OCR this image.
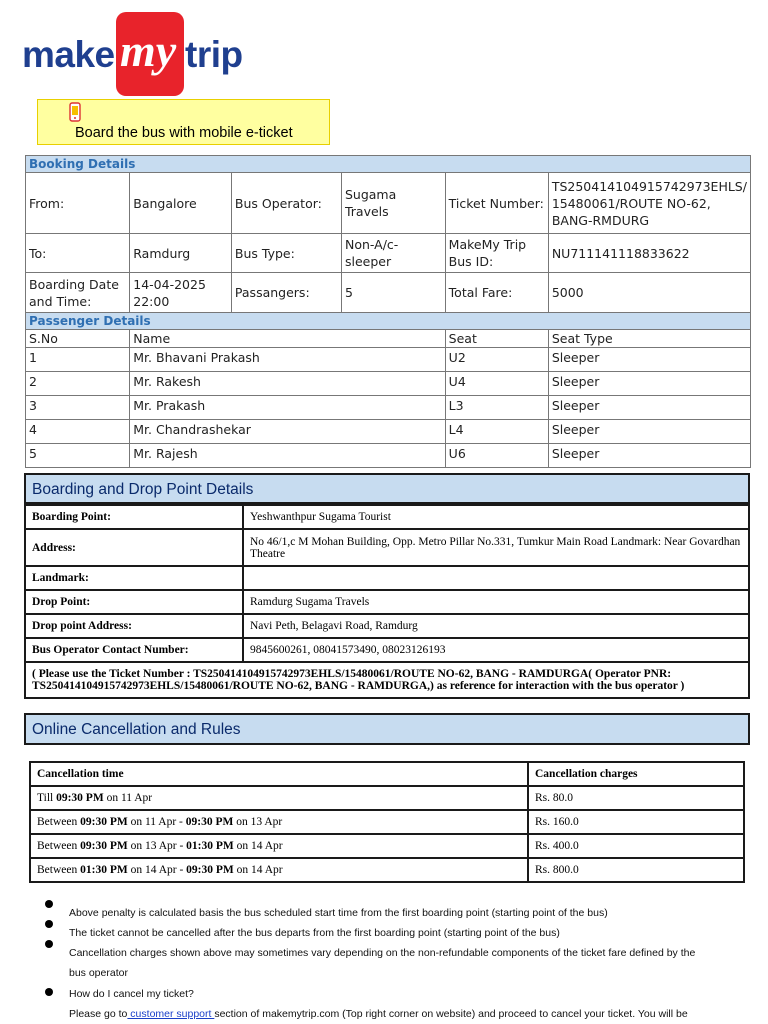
make my trip
Board the bus with mobile e-ticket
Booking Details					
From:	Bangalore	Bus Operator:	Sugama Travels	Ticket Number:	TS250414104915742973EHLS/ 15480061/ROUTE NO-62, BANG-RMDURG
To:	Ramdurg	Bus Type:	Non-A/c-sleeper	MakeMy Trip Bus ID:	NU711141118833622
Boarding Date and Time:	14-04-2025 22:00	Passangers:	5	Total Fare:	5000
Passenger Details					
S.No	Name			Seat	Seat Type
1	Mr. Bhavani Prakash			U2	Sleeper
2	Mr. Rakesh			U4	Sleeper
3	Mr. Prakash			L3	Sleeper
4	Mr. Chandrashekar			L4	Sleeper
5	Mr. Rajesh			U6	Sleeper
Boarding and Drop Point Details
Boarding Point:	Yeshwanthpur Sugama Tourist
Address:	No 46/1,c M Mohan Building, Opp. Metro Pillar No.331, Tumkur Main Road Landmark: Near Govardhan Theatre
Landmark:	
Drop Point:	Ramdurg Sugama Travels
Drop point Address:	Navi Peth, Belagavi Road, Ramdurg
Bus Operator Contact Number:	9845600261, 08041573490, 08023126193
( Please use the Ticket Number : TS250414104915742973EHLS/15480061/ROUTE NO-62, BANG - RAMDURGA( Operator PNR: TS250414104915742973EHLS/15480061/ROUTE NO-62, BANG - RAMDURGA,) as reference for interaction with the bus operator )	
Online Cancellation and Rules
Cancellation time	Cancellation charges
Till 09:30 PM on 11 Apr	Rs. 80.0
Between 09:30 PM on 11 Apr - 09:30 PM on 13 Apr	Rs. 160.0
Between 09:30 PM on 13 Apr - 01:30 PM on 14 Apr	Rs. 400.0
Between 01:30 PM on 14 Apr - 09:30 PM on 14 Apr	Rs. 800.0
Above penalty is calculated basis the bus scheduled start time from the first boarding point (starting point of the bus)
The ticket cannot be cancelled after the bus departs from the first boarding point (starting point of the bus)
Cancellation charges shown above may sometimes vary depending on the non-refundable components of the ticket fare defined by the
bus operator
How do I cancel my ticket?
Please go to customer support section of makemytrip.com (Top right corner on website) and proceed to cancel your ticket. You will be
